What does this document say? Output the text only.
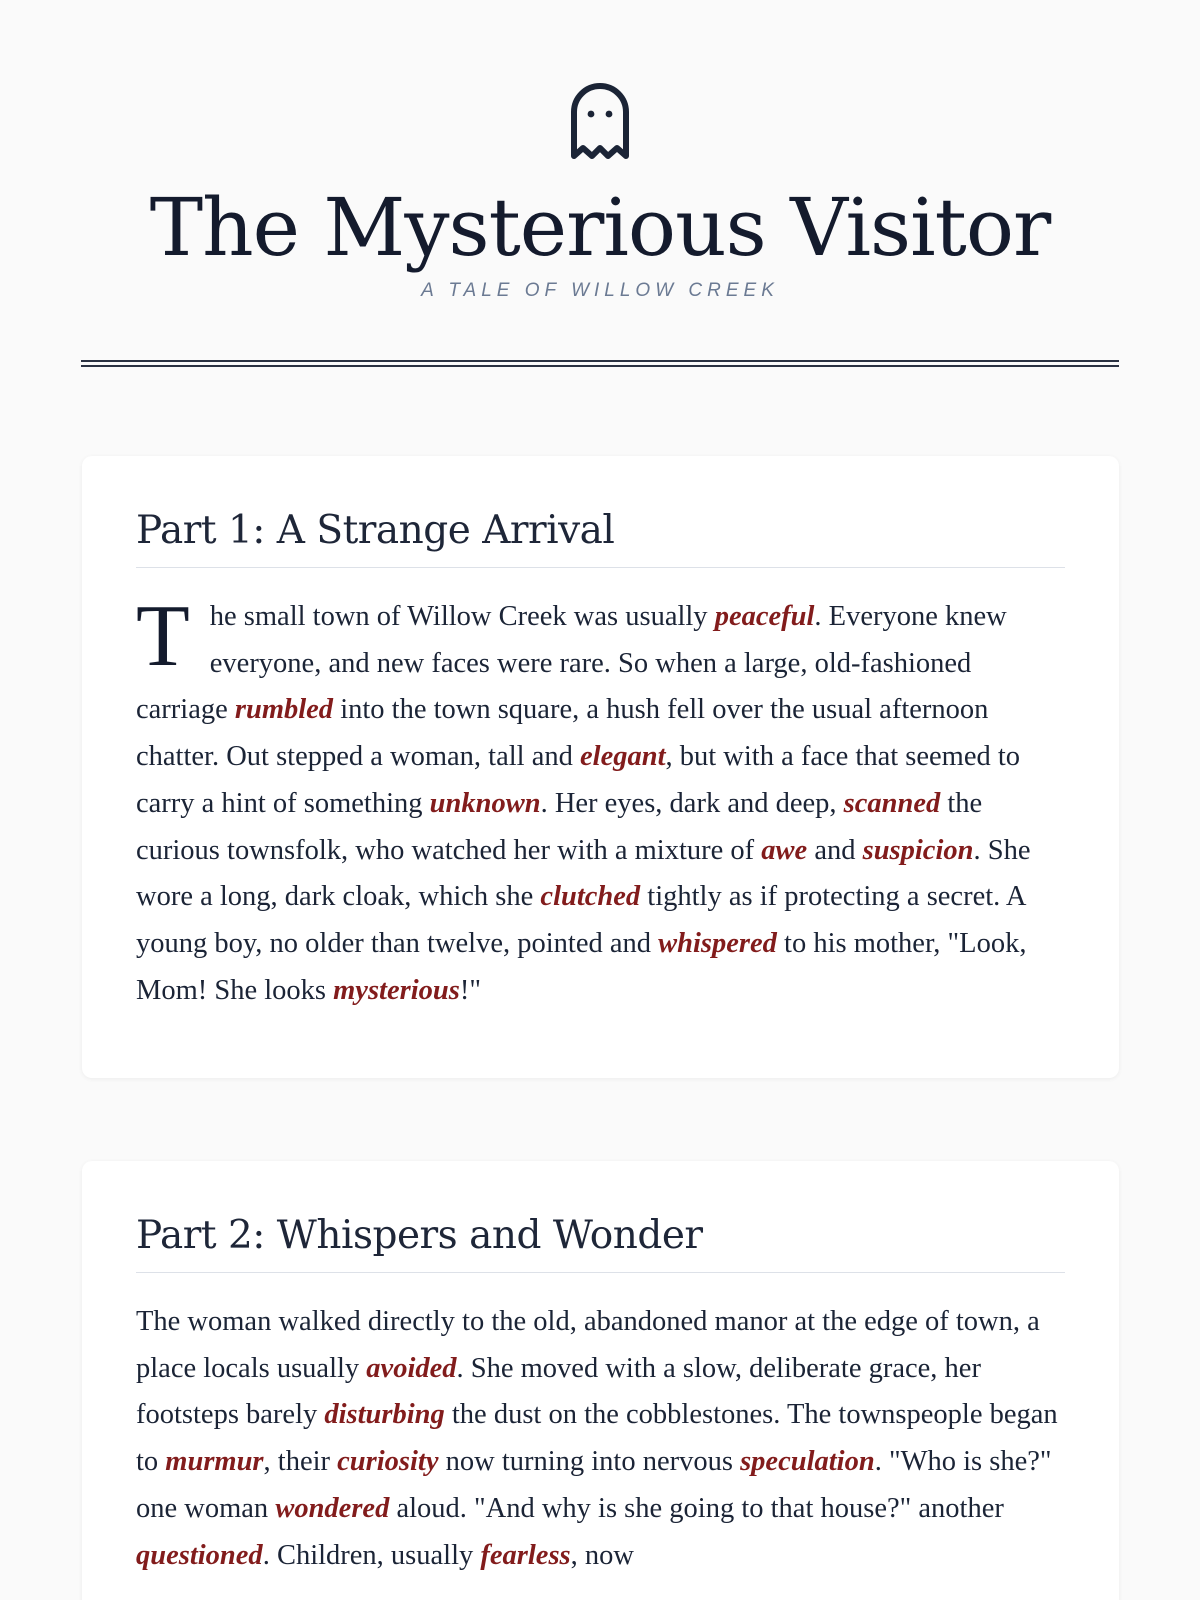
The Mysterious Visitor
A TALE OF WILLOW CREEK
Part 1: A Strange Arrival

The small town of Willow Creek was usually peaceful. Everyone knew everyone, and new faces were rare. So when a large, old-fashioned carriage rumbled into the town square, a hush fell over the usual afternoon chatter. Out stepped a woman, tall and elegant, but with a face that seemed to carry a hint of something unknown. Her eyes, dark and deep, scanned the curious townsfolk, who watched her with a mixture of awe and suspicion. She wore a long, dark cloak, which she clutched tightly as if protecting a secret. A young boy, no older than twelve, pointed and whispered to his mother, "Look, Mom! She looks mysterious!"

Part 2: Whispers and Wonder

The woman walked directly to the old, abandoned manor at the edge of town, a place locals usually avoided. She moved with a slow, deliberate grace, her footsteps barely disturbing the dust on the cobblestones. The townspeople began to murmur, their curiosity now turning into nervous speculation. "Who is she?" one woman wondered aloud. "And why is she going to that house?" another questioned. Children, usually fearless, now
